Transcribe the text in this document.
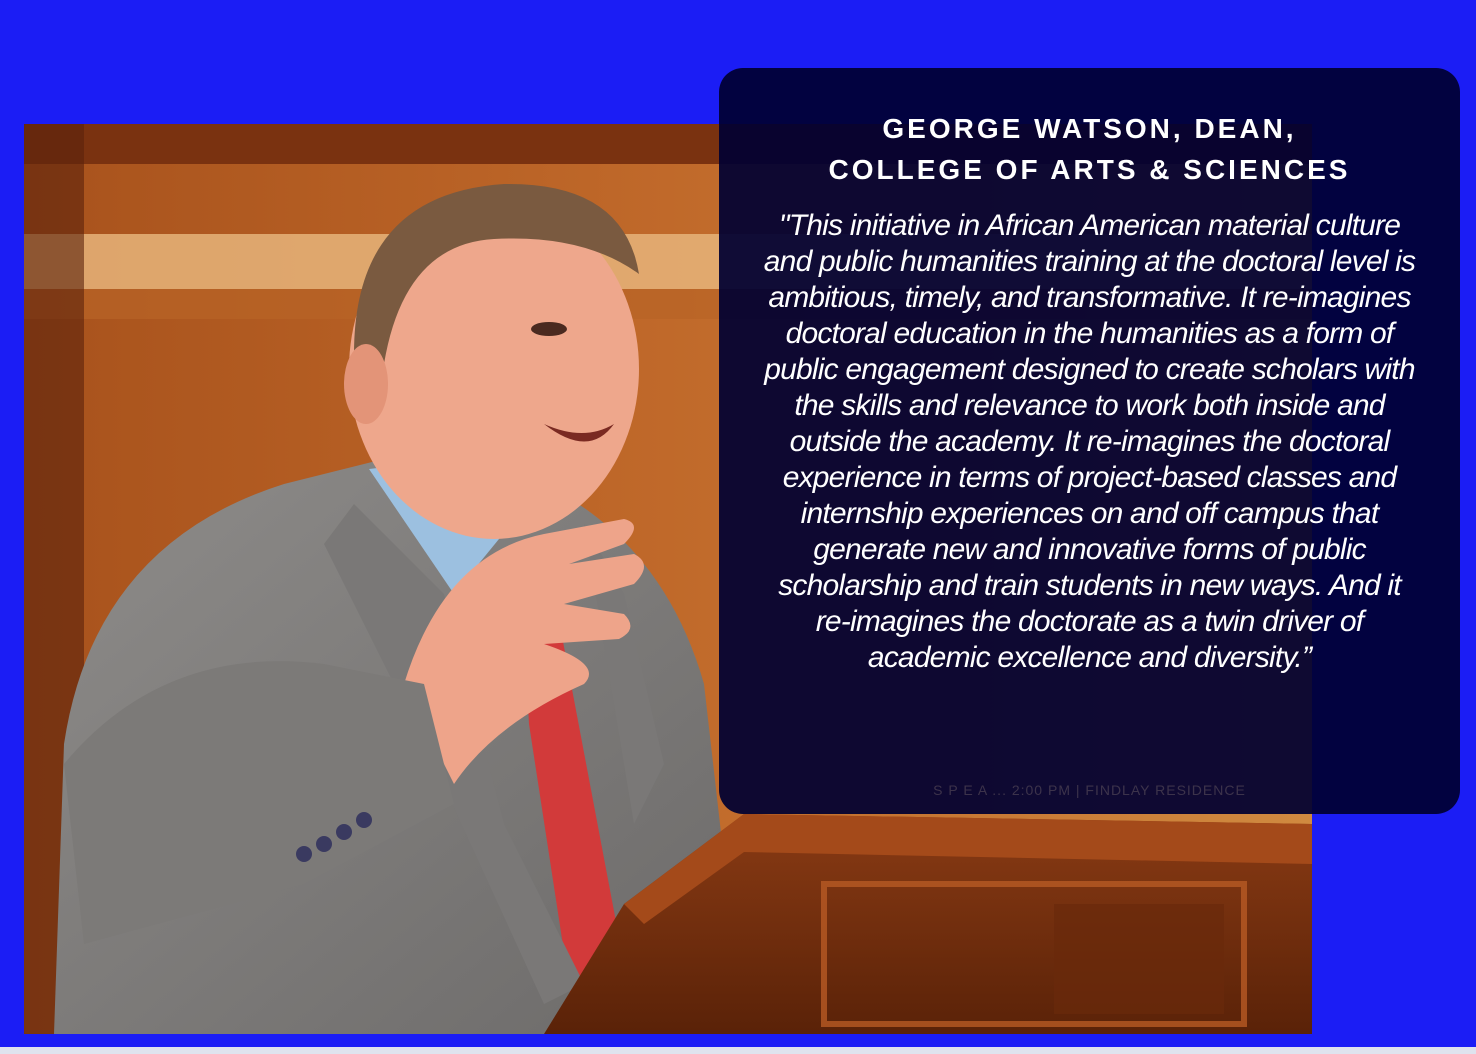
GEORGE WATSON, DEAN,
COLLEGE OF ARTS & SCIENCES

"This initiative in African American material culture and public humanities training at the doctoral level is ambitious, timely, and transformative. It re-imagines doctoral education in the humanities as a form of public engagement designed to create scholars with the skills and relevance to work both inside and outside the academy. It re-imagines the doctoral experience in terms of project-based classes and internship experiences on and off campus that generate new and innovative forms of public scholarship and train students in new ways. And it re-imagines the doctorate as a twin driver of academic excellence and diversity.”

S P E A ... 2:00 PM | FINDLAY RESIDENCE
